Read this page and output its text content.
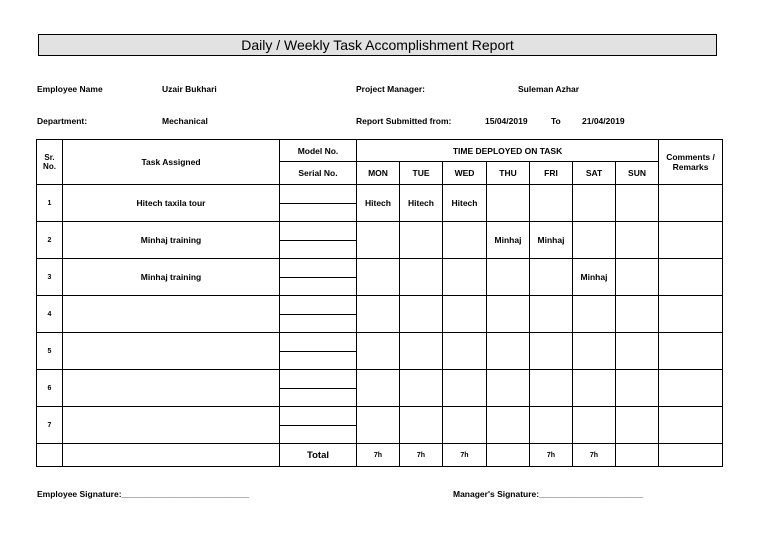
Daily / Weekly Task Accomplishment Report
Employee Name	Uzair Bukhari	Project Manager:	Suleman Azhar
Department:	Mechanical	Report Submitted from:	15/04/2019	To 21/04/2019
Sr. No.	Task Assigned	Model No.	TIME DEPLOYED ON TASK							Comments / Remarks
		Serial No.	MON	TUE	WED	THU	FRI	SAT	SUN	
1	Hitech taxila tour		Hitech	Hitech	Hitech					
2	Minhaj training					Minhaj	Minhaj			
3	Minhaj training							Minhaj		
4		

5		

6		

7		

		Total	7h	7h	7h		7h	7h		
Employee Signature:___________________________	Manager's Signature:______________________
